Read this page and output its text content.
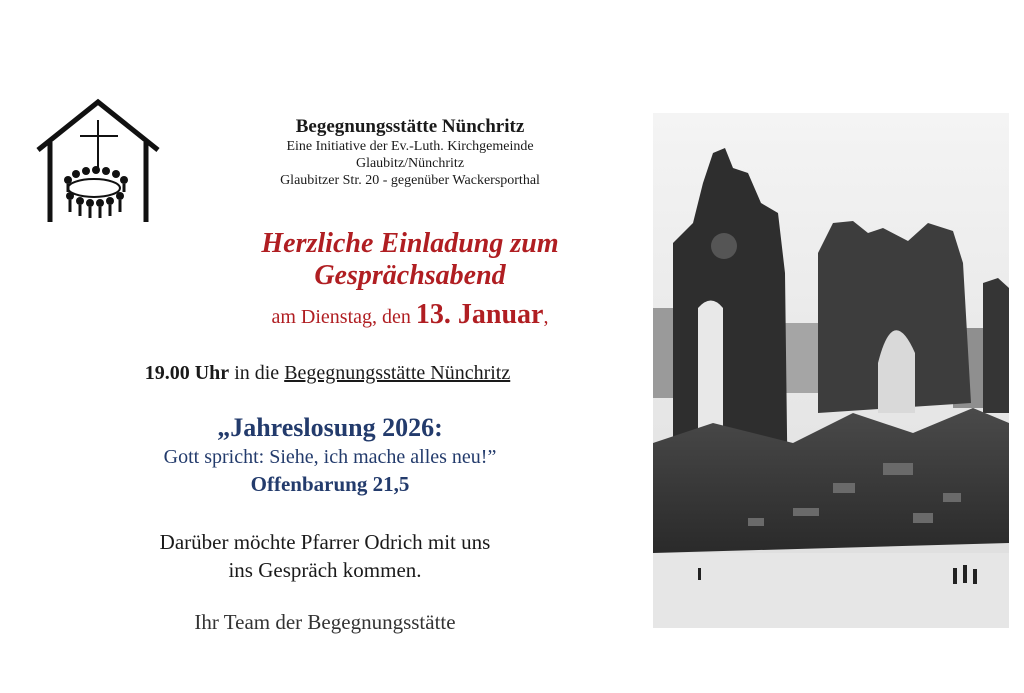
Begegnungsstätte Nünchritz
Eine Initiative der Ev.-Luth. Kirchgemeinde
Glaubitz/Nünchritz
Glaubitzer Str. 20 - gegenüber Wackersporthal
Herzliche Einladung zum
Gesprächsabend
am Dienstag, den 13. Januar,
19.00 Uhr in die Begegnungsstätte Nünchritz
„Jahreslosung 2026:
Gott spricht: Siehe, ich mache alles neu!”
Offenbarung 21,5
Darüber möchte Pfarrer Odrich mit uns
ins Gespräch kommen.
Ihr Team der Begegnungsstätte
